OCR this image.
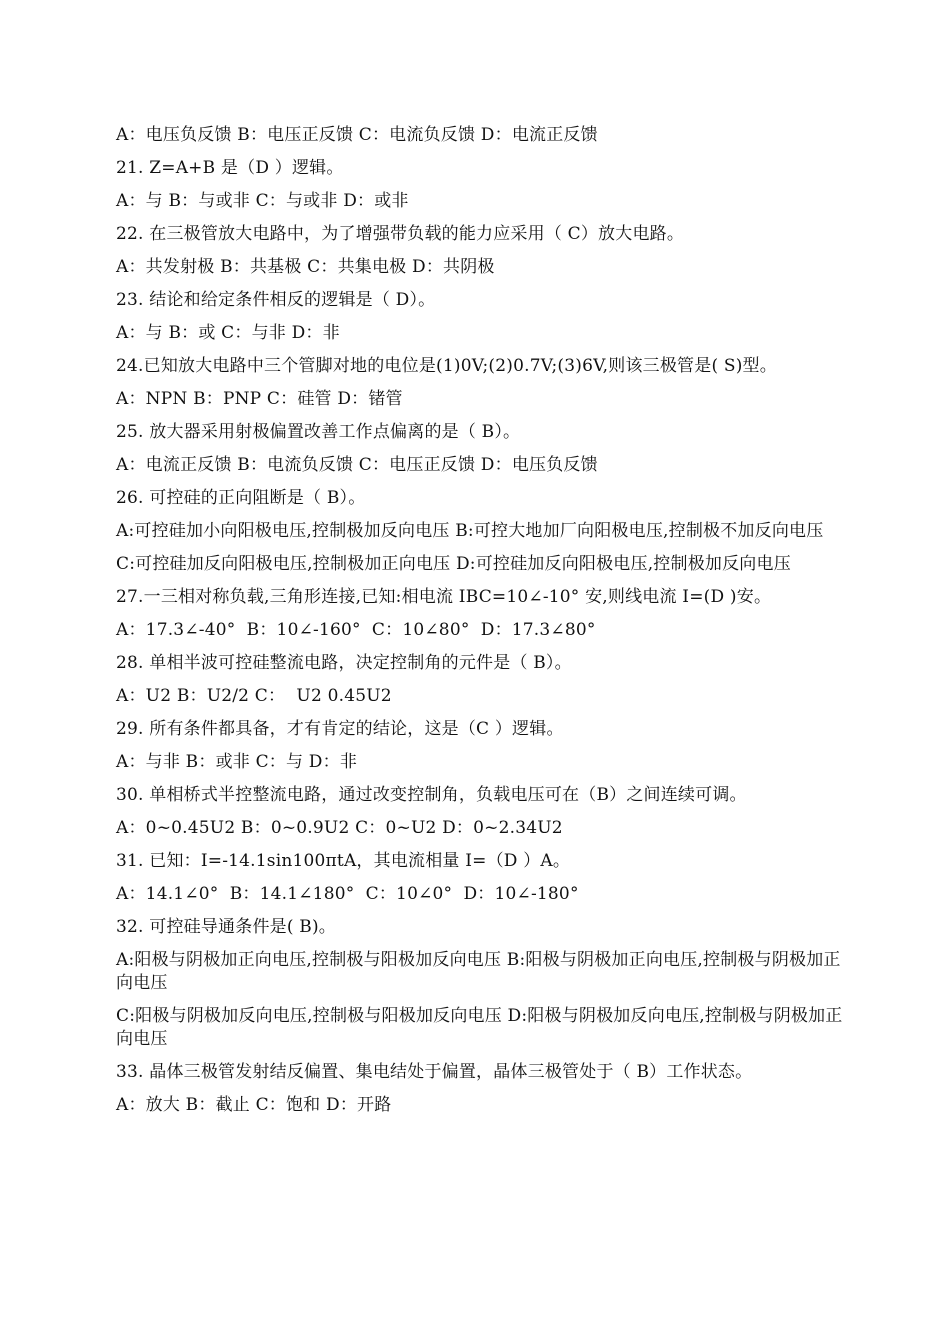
A：电压负反馈 B：电压正反馈 C：电流负反馈 D：电流正反馈
21. Z=A+B 是（D ）逻辑。
A：与 B：与或非 C：与或非 D：或非
22. 在三极管放大电路中，为了增强带负载的能力应采用（ C）放大电路。
A：共发射极 B：共基极 C：共集电极 D：共阴极
23. 结论和给定条件相反的逻辑是（ D）。
A：与 B：或 C：与非 D：非
24.已知放大电路中三个管脚对地的电位是(1)0V;(2)0.7V;(3)6V,则该三极管是( S)型。
A：NPN B：PNP C：硅管 D：锗管
25. 放大器采用射极偏置改善工作点偏离的是（ B）。
A：电流正反馈 B：电流负反馈 C：电压正反馈 D：电压负反馈
26. 可控硅的正向阻断是（ B）。
A:可控硅加小向阳极电压,控制极加反向电压 B:可控大地加厂向阳极电压,控制极不加反向电压
C:可控硅加反向阳极电压,控制极加正向电压 D:可控硅加反向阳极电压,控制极加反向电压
27.一三相对称负载,三角形连接,已知:相电流 IBC=10∠-10° 安,则线电流 I=(D )安。
A：17.3∠-40°  B：10∠-160°  C：10∠80°  D：17.3∠80°
28. 单相半波可控硅整流电路，决定控制角的元件是（ B）。
A：U2 B：U2/2 C：  U2 0.45U2
29. 所有条件都具备，才有肯定的结论，这是（C ）逻辑。
A：与非 B：或非 C：与 D：非
30. 单相桥式半控整流电路，通过改变控制角，负载电压可在（B）之间连续可调。
A：0~0.45U2 B：0~0.9U2 C：0~U2 D：0~2.34U2
31. 已知：I=-14.1sin100πtA，其电流相量 I=（D ）A。
A：14.1∠0°  B：14.1∠180°  C：10∠0°  D：10∠-180°
32. 可控硅导通条件是( B)。
A:阳极与阴极加正向电压,控制极与阳极加反向电压 B:阳极与阴极加正向电压,控制极与阴极加正向电压
C:阳极与阴极加反向电压,控制极与阳极加反向电压 D:阳极与阴极加反向电压,控制极与阴极加正向电压
33. 晶体三极管发射结反偏置、集电结处于偏置，晶体三极管处于（ B）工作状态。
A：放大 B：截止 C：饱和 D：开路
